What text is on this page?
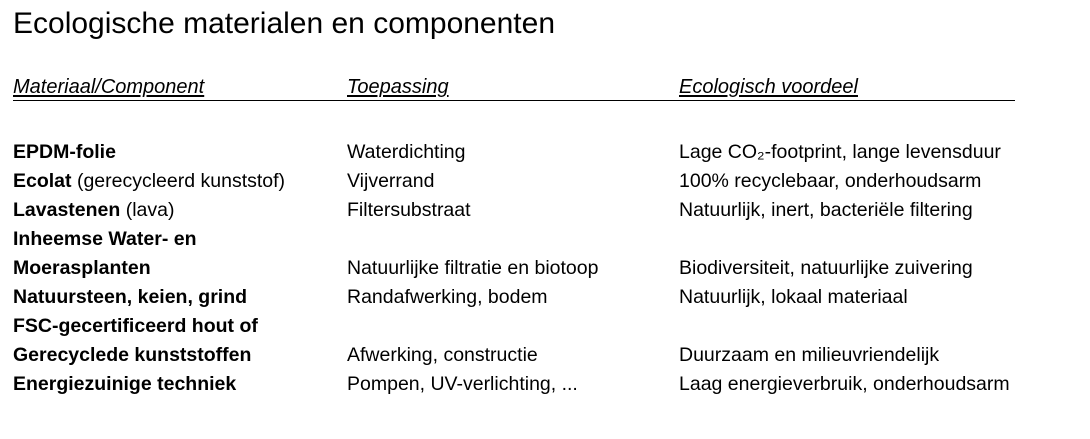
Ecologische materialen en componenten
Materiaal/Component	Toepassing	Ecologisch voordeel
EPDM-folie	Waterdichting	Lage CO₂-footprint, lange levensduur
Ecolat (gerecycleerd kunststof)	Vijverrand	100% recyclebaar, onderhoudsarm
Lavastenen (lava)	Filtersubstraat	Natuurlijk, inert, bacteriële filtering
Inheemse Water- en
Moerasplanten	Natuurlijke filtratie en biotoop	Biodiversiteit, natuurlijke zuivering
Natuursteen, keien, grind	Randafwerking, bodem	Natuurlijk, lokaal materiaal
FSC-gecertificeerd hout of
Gerecyclede kunststoffen	Afwerking, constructie	Duurzaam en milieuvriendelijk
Energiezuinige techniek	Pompen, UV-verlichting, ...	Laag energieverbruik, onderhoudsarm
